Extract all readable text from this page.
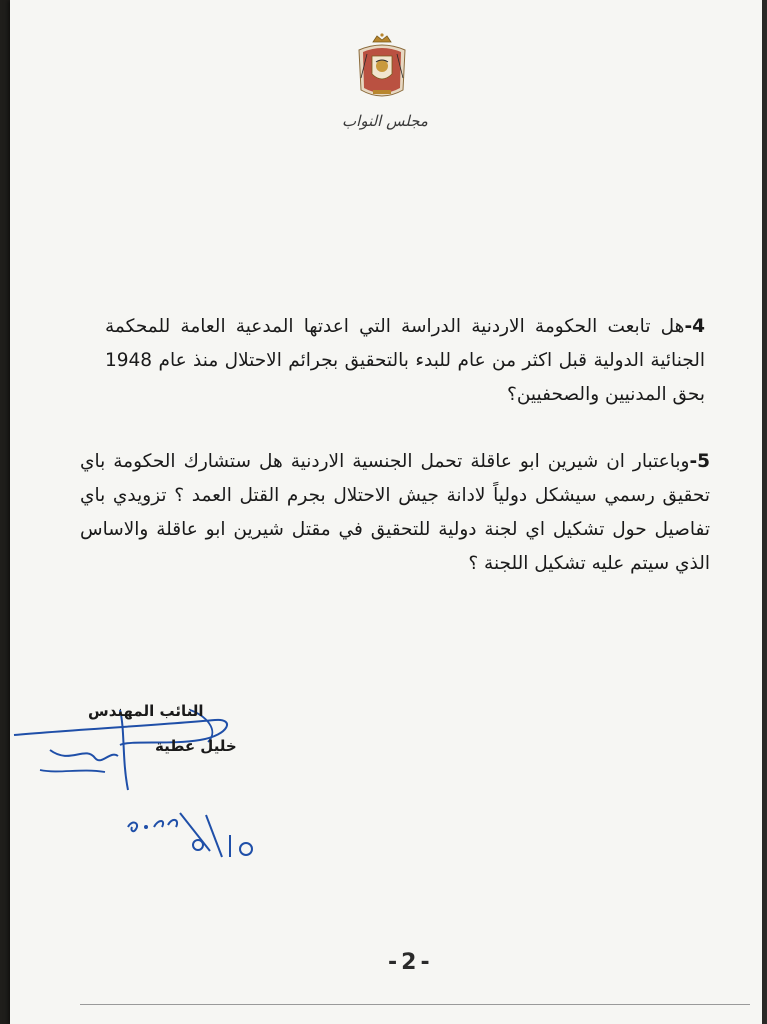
مجلس النواب
4-هل تابعت الحكومة الاردنية الدراسة التي اعدتها المدعية العامة للمحكمة الجنائية الدولية قبل اكثر من عام للبدء بالتحقيق بجرائم الاحتلال منذ عام 1948 بحق المدنيين والصحفيين؟
5-وباعتبار ان شيرين ابو عاقلة تحمل الجنسية الاردنية هل ستشارك الحكومة باي تحقيق رسمي سيشكل دولياً لادانة جيش الاحتلال بجرم القتل العمد ؟ تزويدي باي تفاصيل حول تشكيل اي لجنة دولية للتحقيق في مقتل شيرين ابو عاقلة والاساس الذي سيتم عليه تشكيل اللجنة ؟
النائب المهندس
خليل عطية
-2-
